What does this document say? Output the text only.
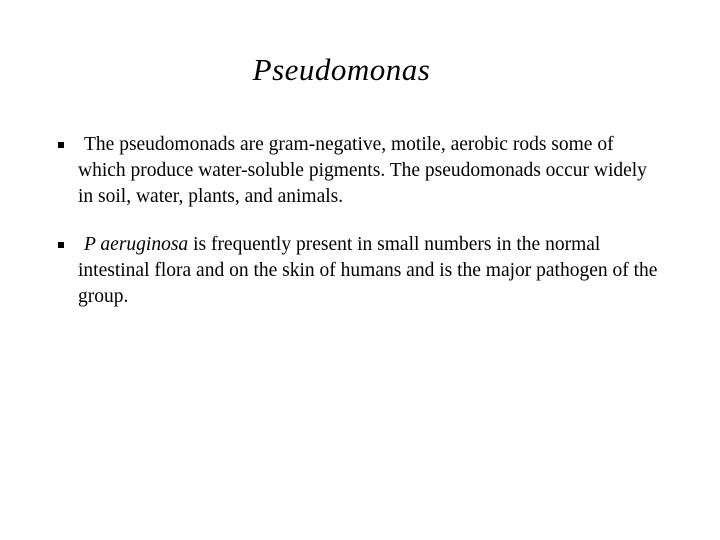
Pseudomonas
The pseudomonads are gram-negative, motile, aerobic rods some of which produce water-soluble pigments. The pseudomonads occur widely in soil, water, plants, and animals.
P aeruginosa is frequently present in small numbers in the normal intestinal flora and on the skin of humans and is the major pathogen of the group.
